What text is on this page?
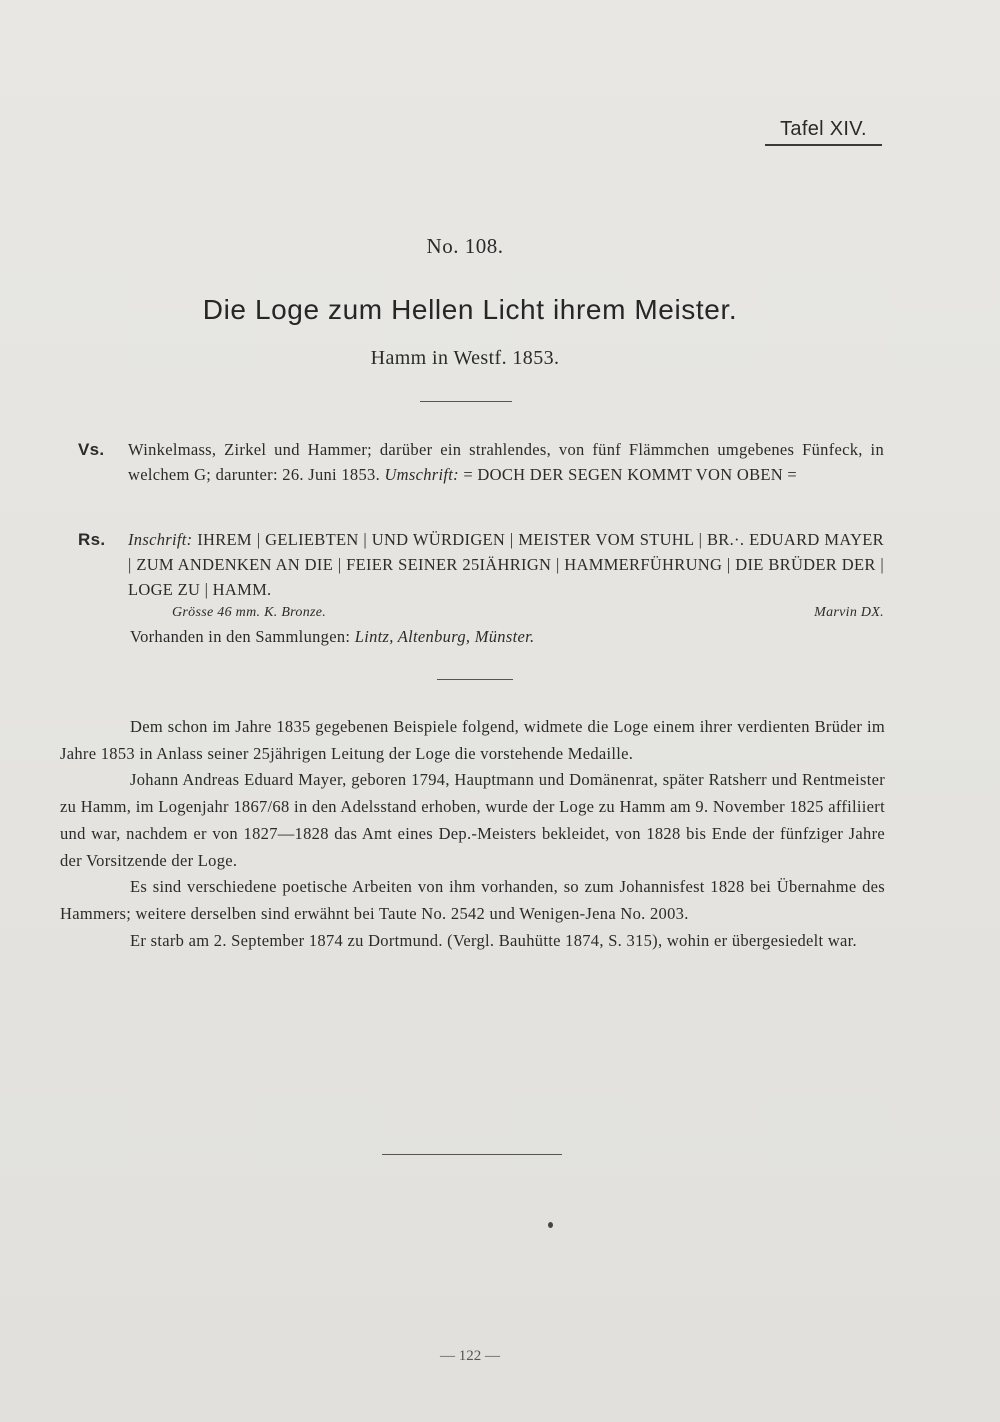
Tafel XIV.
No. 108.
Die Loge zum Hellen Licht ihrem Meister.
Hamm in Westf. 1853.
Vs. Winkelmass, Zirkel und Hammer; darüber ein strahlendes, von fünf Flämmchen umgebenes Fünfeck, in welchem G; darunter: 26. Juni 1853. Umschrift: = DOCH DER SEGEN KOMMT VON OBEN =
Rs. Inschrift: IHREM | GELIEBTEN | UND WÜRDIGEN | MEISTER VOM STUHL | BR.·. EDUARD MAYER | ZUM ANDENKEN AN DIE | FEIER SEINER 25IÄHRIGN | HAMMERFÜHRUNG | DIE BRÜDER DER | LOGE ZU | HAMM.
Grösse 46 mm. K. Bronze.	Marvin DX.
Vorhanden in den Sammlungen: Lintz, Altenburg, Münster.

Dem schon im Jahre 1835 gegebenen Beispiele folgend, widmete die Loge einem ihrer verdienten Brüder im Jahre 1853 in Anlass seiner 25jährigen Leitung der Loge die vorstehende Medaille.

Johann Andreas Eduard Mayer, geboren 1794, Hauptmann und Domänenrat, später Ratsherr und Rentmeister zu Hamm, im Logenjahr 1867/68 in den Adelsstand erhoben, wurde der Loge zu Hamm am 9. November 1825 affiliiert und war, nachdem er von 1827—1828 das Amt eines Dep.-Meisters bekleidet, von 1828 bis Ende der fünfziger Jahre der Vorsitzende der Loge.

Es sind verschiedene poetische Arbeiten von ihm vorhanden, so zum Johannisfest 1828 bei Übernahme des Hammers; weitere derselben sind erwähnt bei Taute No. 2542 und Wenigen-Jena No. 2003.

Er starb am 2. September 1874 zu Dortmund. (Vergl. Bauhütte 1874, S. 315), wohin er übergesiedelt war.

— 122 —
